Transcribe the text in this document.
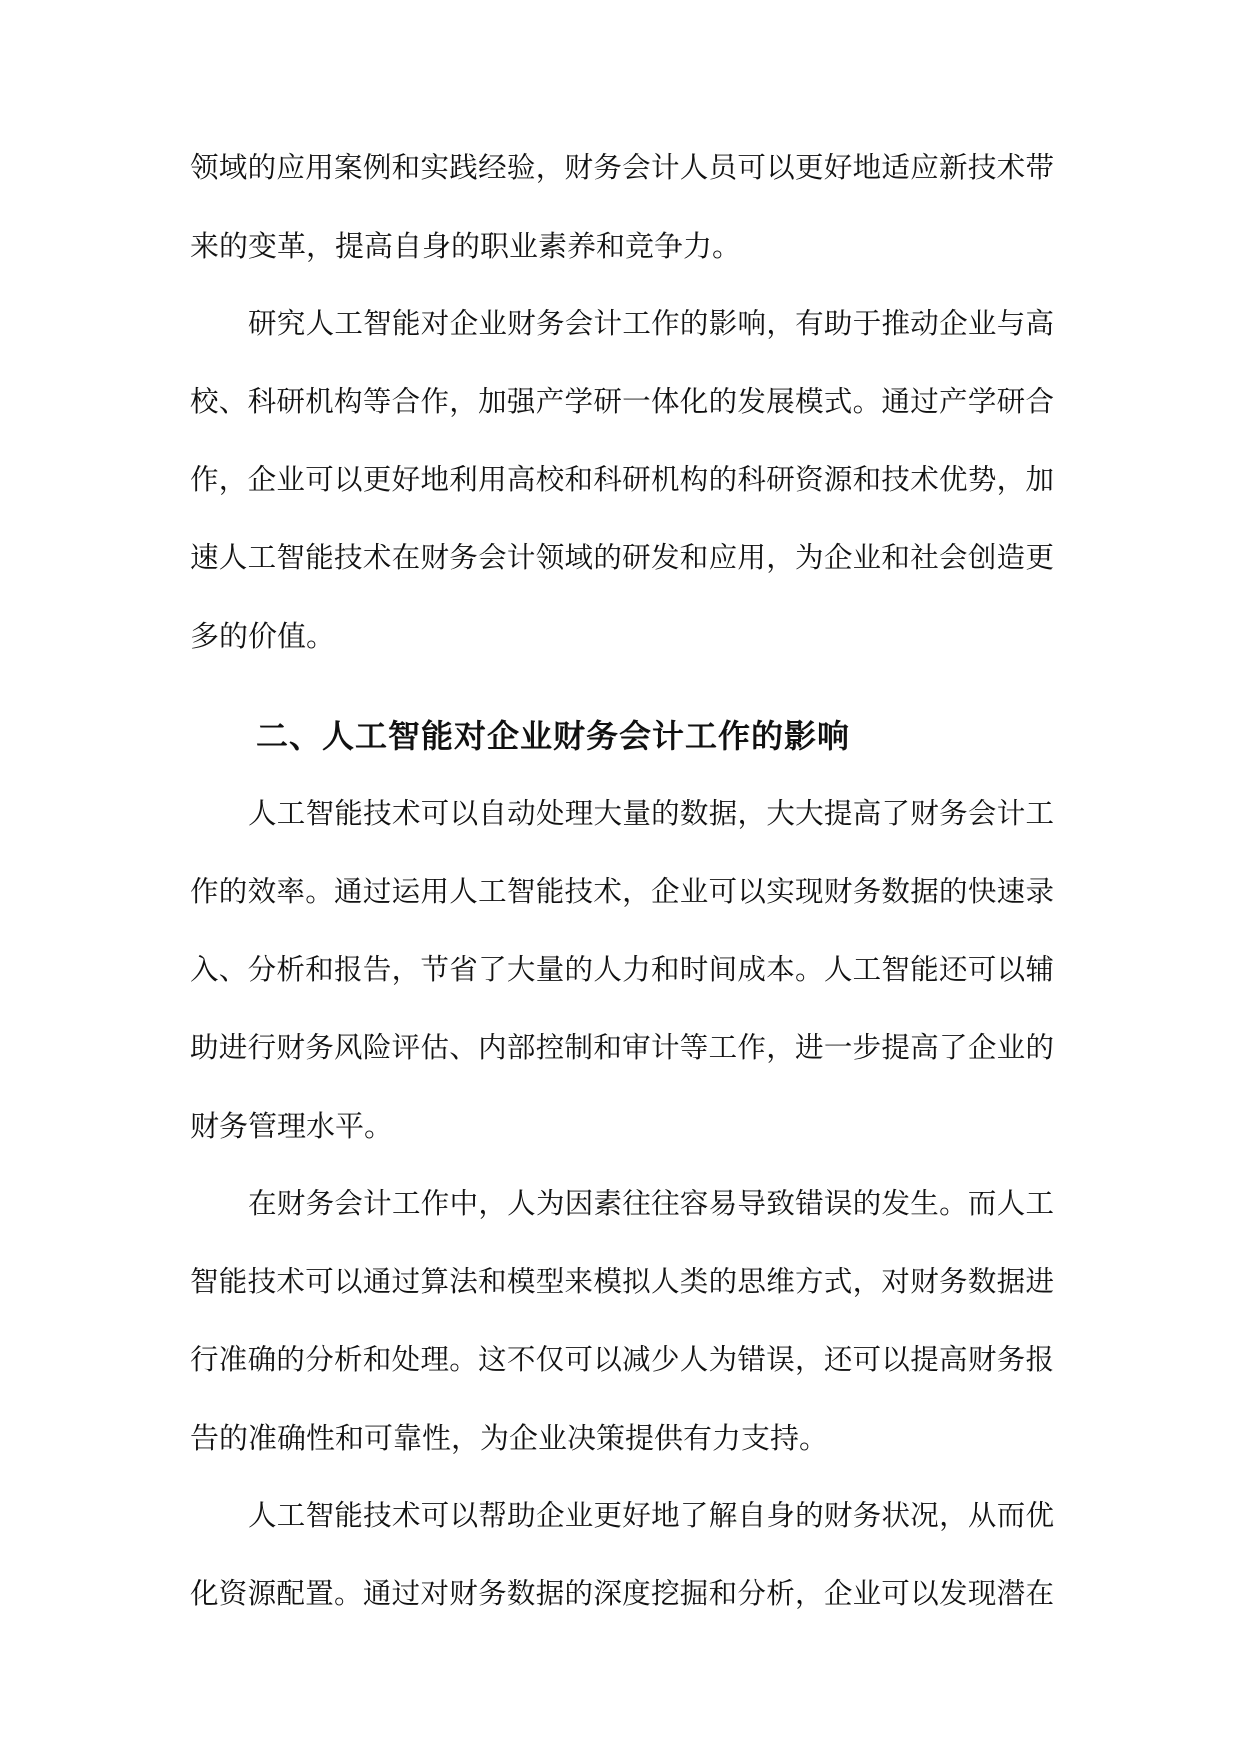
领域的应用案例和实践经验，财务会计人员可以更好地适应新技术带
来的变革，提高自身的职业素养和竞争力。
研究人工智能对企业财务会计工作的影响，有助于推动企业与高
校、科研机构等合作，加强产学研一体化的发展模式。通过产学研合
作，企业可以更好地利用高校和科研机构的科研资源和技术优势，加
速人工智能技术在财务会计领域的研发和应用，为企业和社会创造更
多的价值。
二、人工智能对企业财务会计工作的影响
人工智能技术可以自动处理大量的数据，大大提高了财务会计工
作的效率。通过运用人工智能技术，企业可以实现财务数据的快速录
入、分析和报告，节省了大量的人力和时间成本。人工智能还可以辅
助进行财务风险评估、内部控制和审计等工作，进一步提高了企业的
财务管理水平。
在财务会计工作中，人为因素往往容易导致错误的发生。而人工
智能技术可以通过算法和模型来模拟人类的思维方式，对财务数据进
行准确的分析和处理。这不仅可以减少人为错误，还可以提高财务报
告的准确性和可靠性，为企业决策提供有力支持。
人工智能技术可以帮助企业更好地了解自身的财务状况，从而优
化资源配置。通过对财务数据的深度挖掘和分析，企业可以发现潜在
